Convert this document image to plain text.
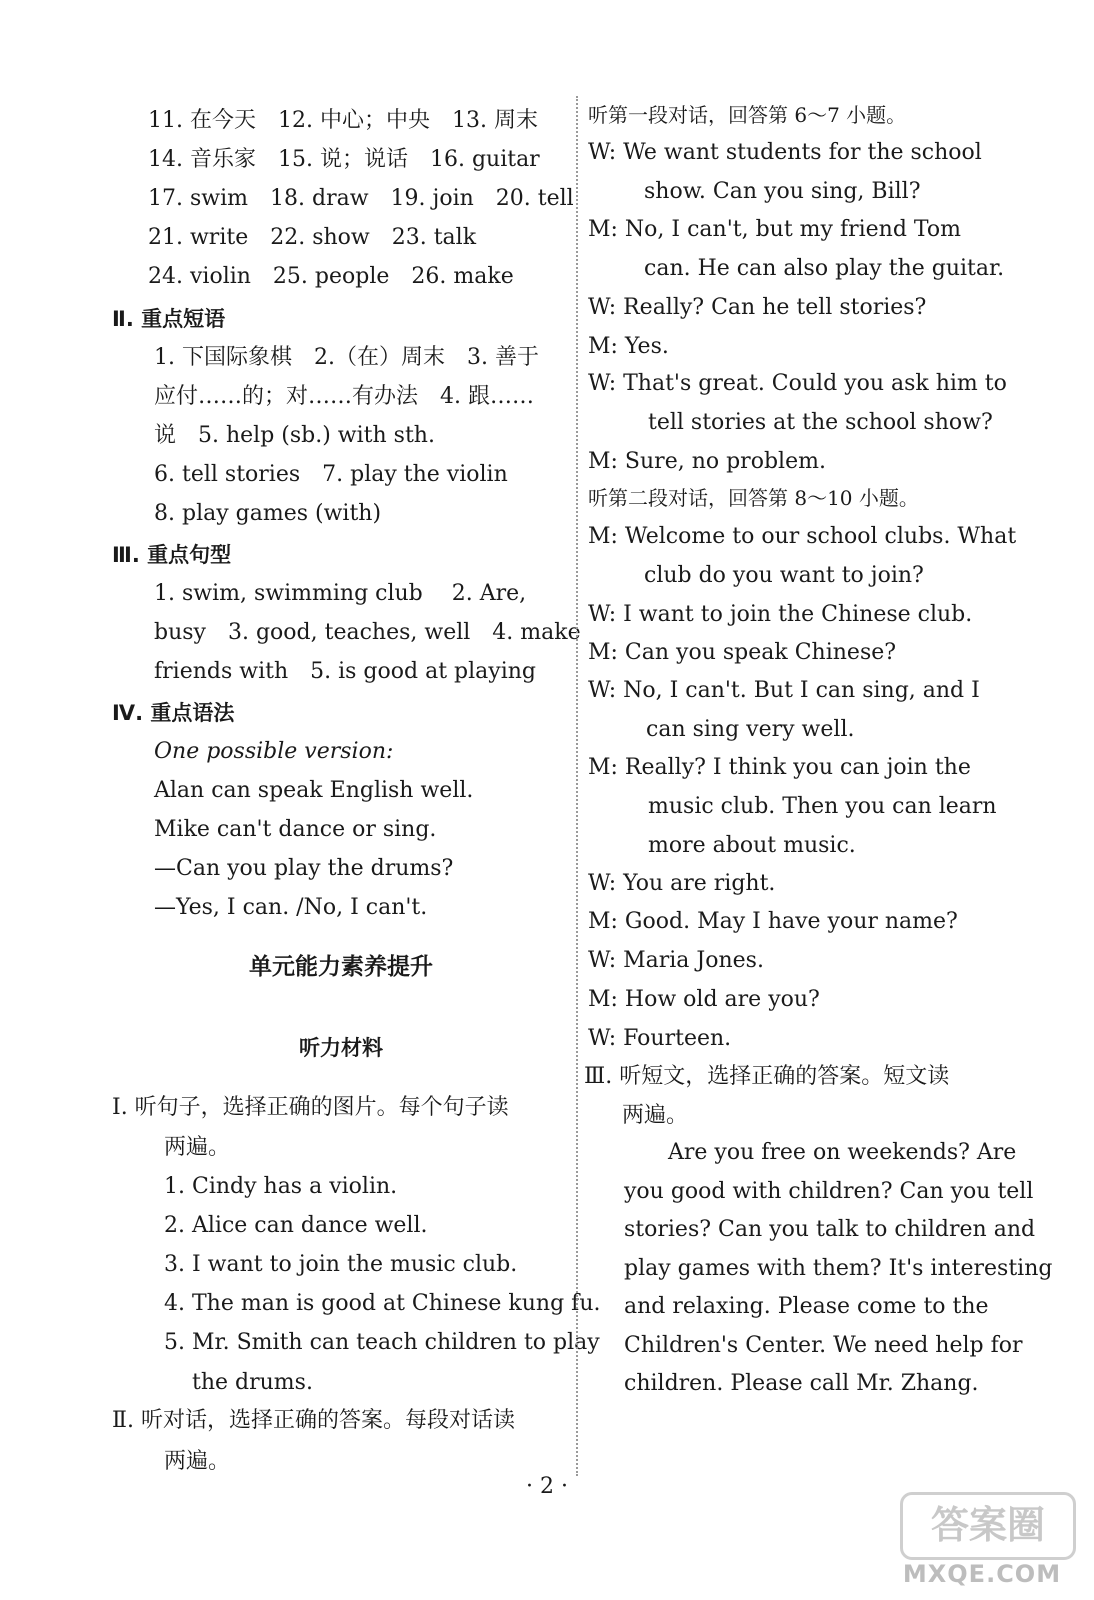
11. 在今天　12. 中心；中央　13. 周末
14. 音乐家　15. 说；说话　16. guitar
17. swim　18. draw　19. join　20. tell
21. write　22. show　23. talk
24. violin　25. people　26. make
Ⅱ. 重点短语
1. 下国际象棋　2.（在）周末　3. 善于
应付……的；对……有办法　4. 跟……
说　5. help (sb.) with sth.
6. tell stories　7. play the violin
8. play games (with)
Ⅲ. 重点句型
1. swim, swimming club　 2. Are,
busy　3. good, teaches, well　4. make
friends with　5. is good at playing
Ⅳ. 重点语法
One possible version:
Alan can speak English well.
Mike can't dance or sing.
—Can you play the drums?
—Yes, I can. /No, I can't.
单元能力素养提升
听力材料
Ⅰ. 听句子，选择正确的图片。每个句子读
两遍。
1. Cindy has a violin.
2. Alice can dance well.
3. I want to join the music club.
4. The man is good at Chinese kung fu.
5. Mr. Smith can teach children to play
the drums.
Ⅱ. 听对话，选择正确的答案。每段对话读
两遍。
听第一段对话，回答第 6～7 小题。
W: We want students for the school
show. Can you sing, Bill?
M: No, I can't, but my friend Tom
can. He can also play the guitar.
W: Really? Can he tell stories?
M: Yes.
W: That's great. Could you ask him to
tell stories at the school show?
M: Sure, no problem.
听第二段对话，回答第 8～10 小题。
M: Welcome to our school clubs. What
club do you want to join?
W: I want to join the Chinese club.
M: Can you speak Chinese?
W: No, I can't. But I can sing, and I
can sing very well.
M: Really? I think you can join the
music club. Then you can learn
more about music.
W: You are right.
M: Good. May I have your name?
W: Maria Jones.
M: How old are you?
W: Fourteen.
Ⅲ. 听短文，选择正确的答案。短文读
两遍。
Are you free on weekends? Are
you good with children? Can you tell
stories? Can you talk to children and
play games with them? It's interesting
and relaxing. Please come to the
Children's Center. We need help for
children. Please call Mr. Zhang.
· 2 ·
答案圈
MXQE.COM
